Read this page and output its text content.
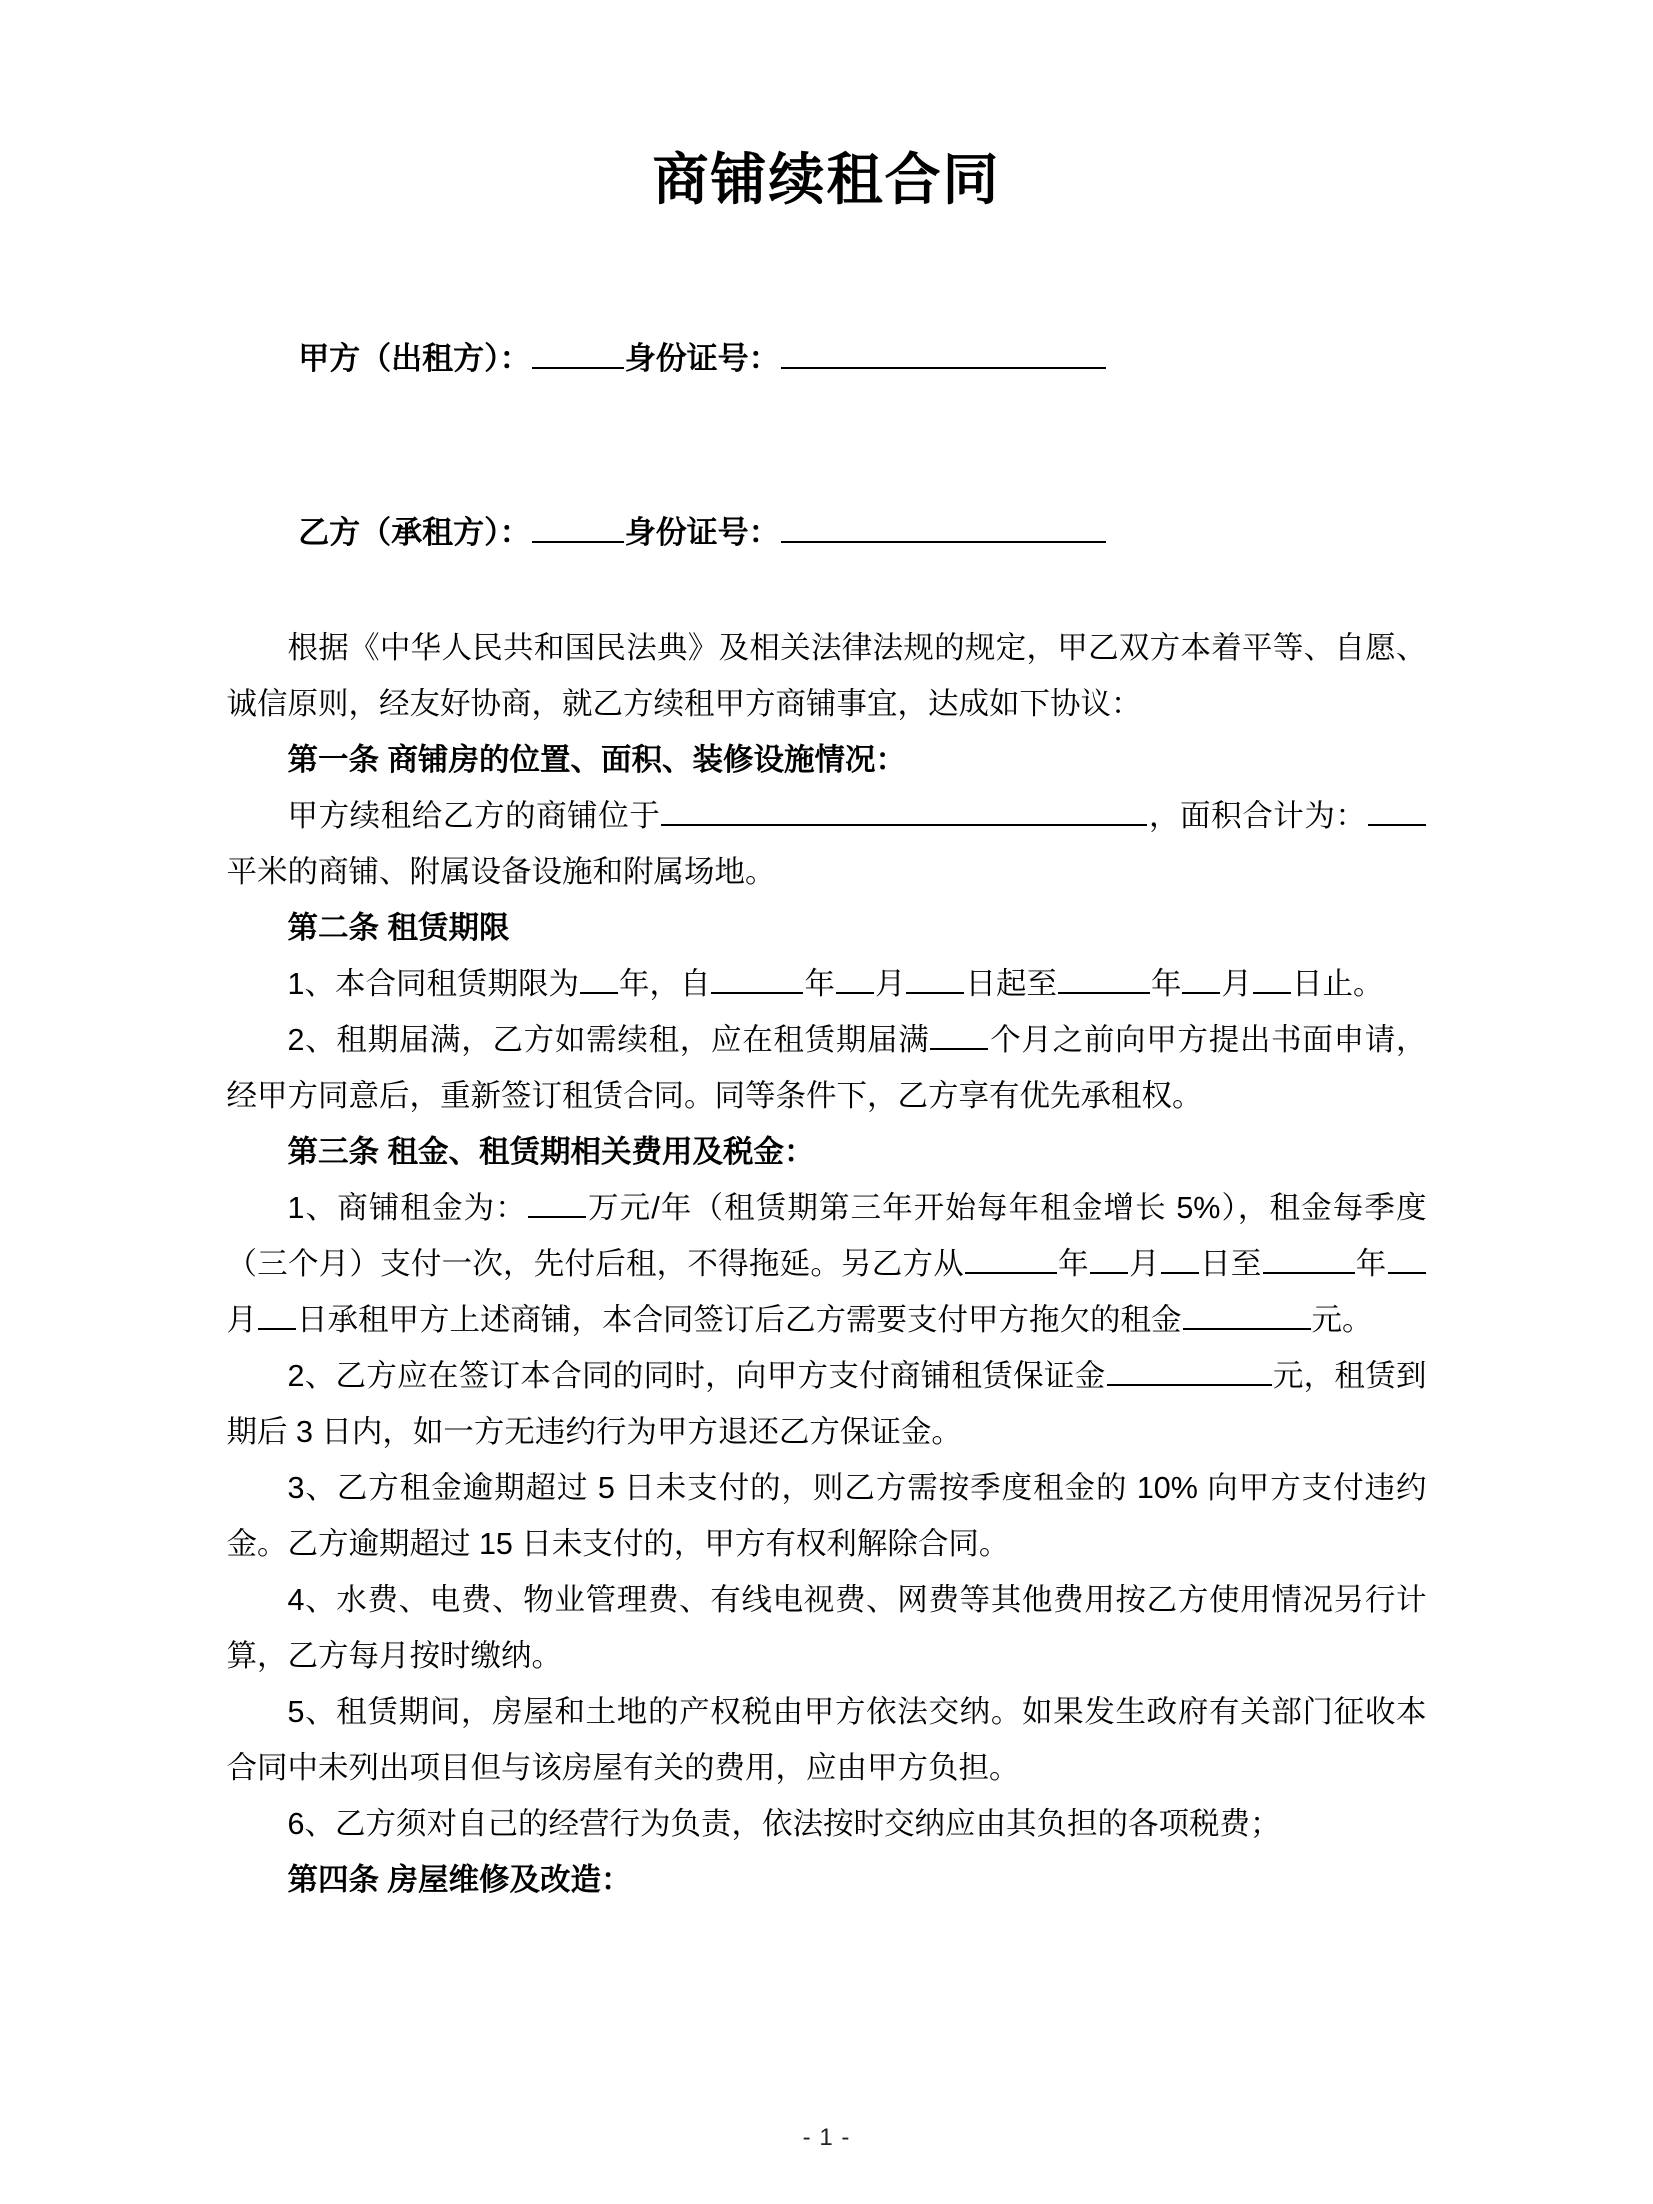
商铺续租合同

甲方（出租方）：	身份证号：

乙方（承租方）：	身份证号：

根据《中华人民共和国民法典》及相关法律法规的规定，甲乙双方本着平等、自愿、诚信原则，经友好协商，就乙方续租甲方商铺事宜，达成如下协议：

第一条 商铺房的位置、面积、装修设施情况：

甲方续租给乙方的商铺位于	，面积合计为：平米的商铺、附属设备设施和附属场地。

第二条 租赁期限

1、本合同租赁期限为 年，自	年 月 日起至	年 月 日止。

2、租期届满，乙方如需续租，应在租赁期届满 个月之前向甲方提出书面申请，经甲方同意后，重新签订租赁合同。同等条件下，乙方享有优先承租权。

第三条 租金、租赁期相关费用及税金：

1、商铺租金为： 万元/年（租赁期第三年开始每年租金增长 5%），租金每季度（三个月）支付一次，先付后租，不得拖延。另乙方从	年 月 日至	年月 日承租甲方上述商铺，本合同签订后乙方需要支付甲方拖欠的租金	元。

2、乙方应在签订本合同的同时，向甲方支付商铺租赁保证金	元，租赁到期后 3 日内，如一方无违约行为甲方退还乙方保证金。

3、乙方租金逾期超过 5 日未支付的，则乙方需按季度租金的 10% 向甲方支付违约金。乙方逾期超过 15 日未支付的，甲方有权利解除合同。

4、水费、电费、物业管理费、有线电视费、网费等其他费用按乙方使用情况另行计算，乙方每月按时缴纳。

5、租赁期间，房屋和土地的产权税由甲方依法交纳。如果发生政府有关部门征收本合同中未列出项目但与该房屋有关的费用，应由甲方负担。

6、乙方须对自己的经营行为负责，依法按时交纳应由其负担的各项税费；

第四条 房屋维修及改造：

- 1 -
